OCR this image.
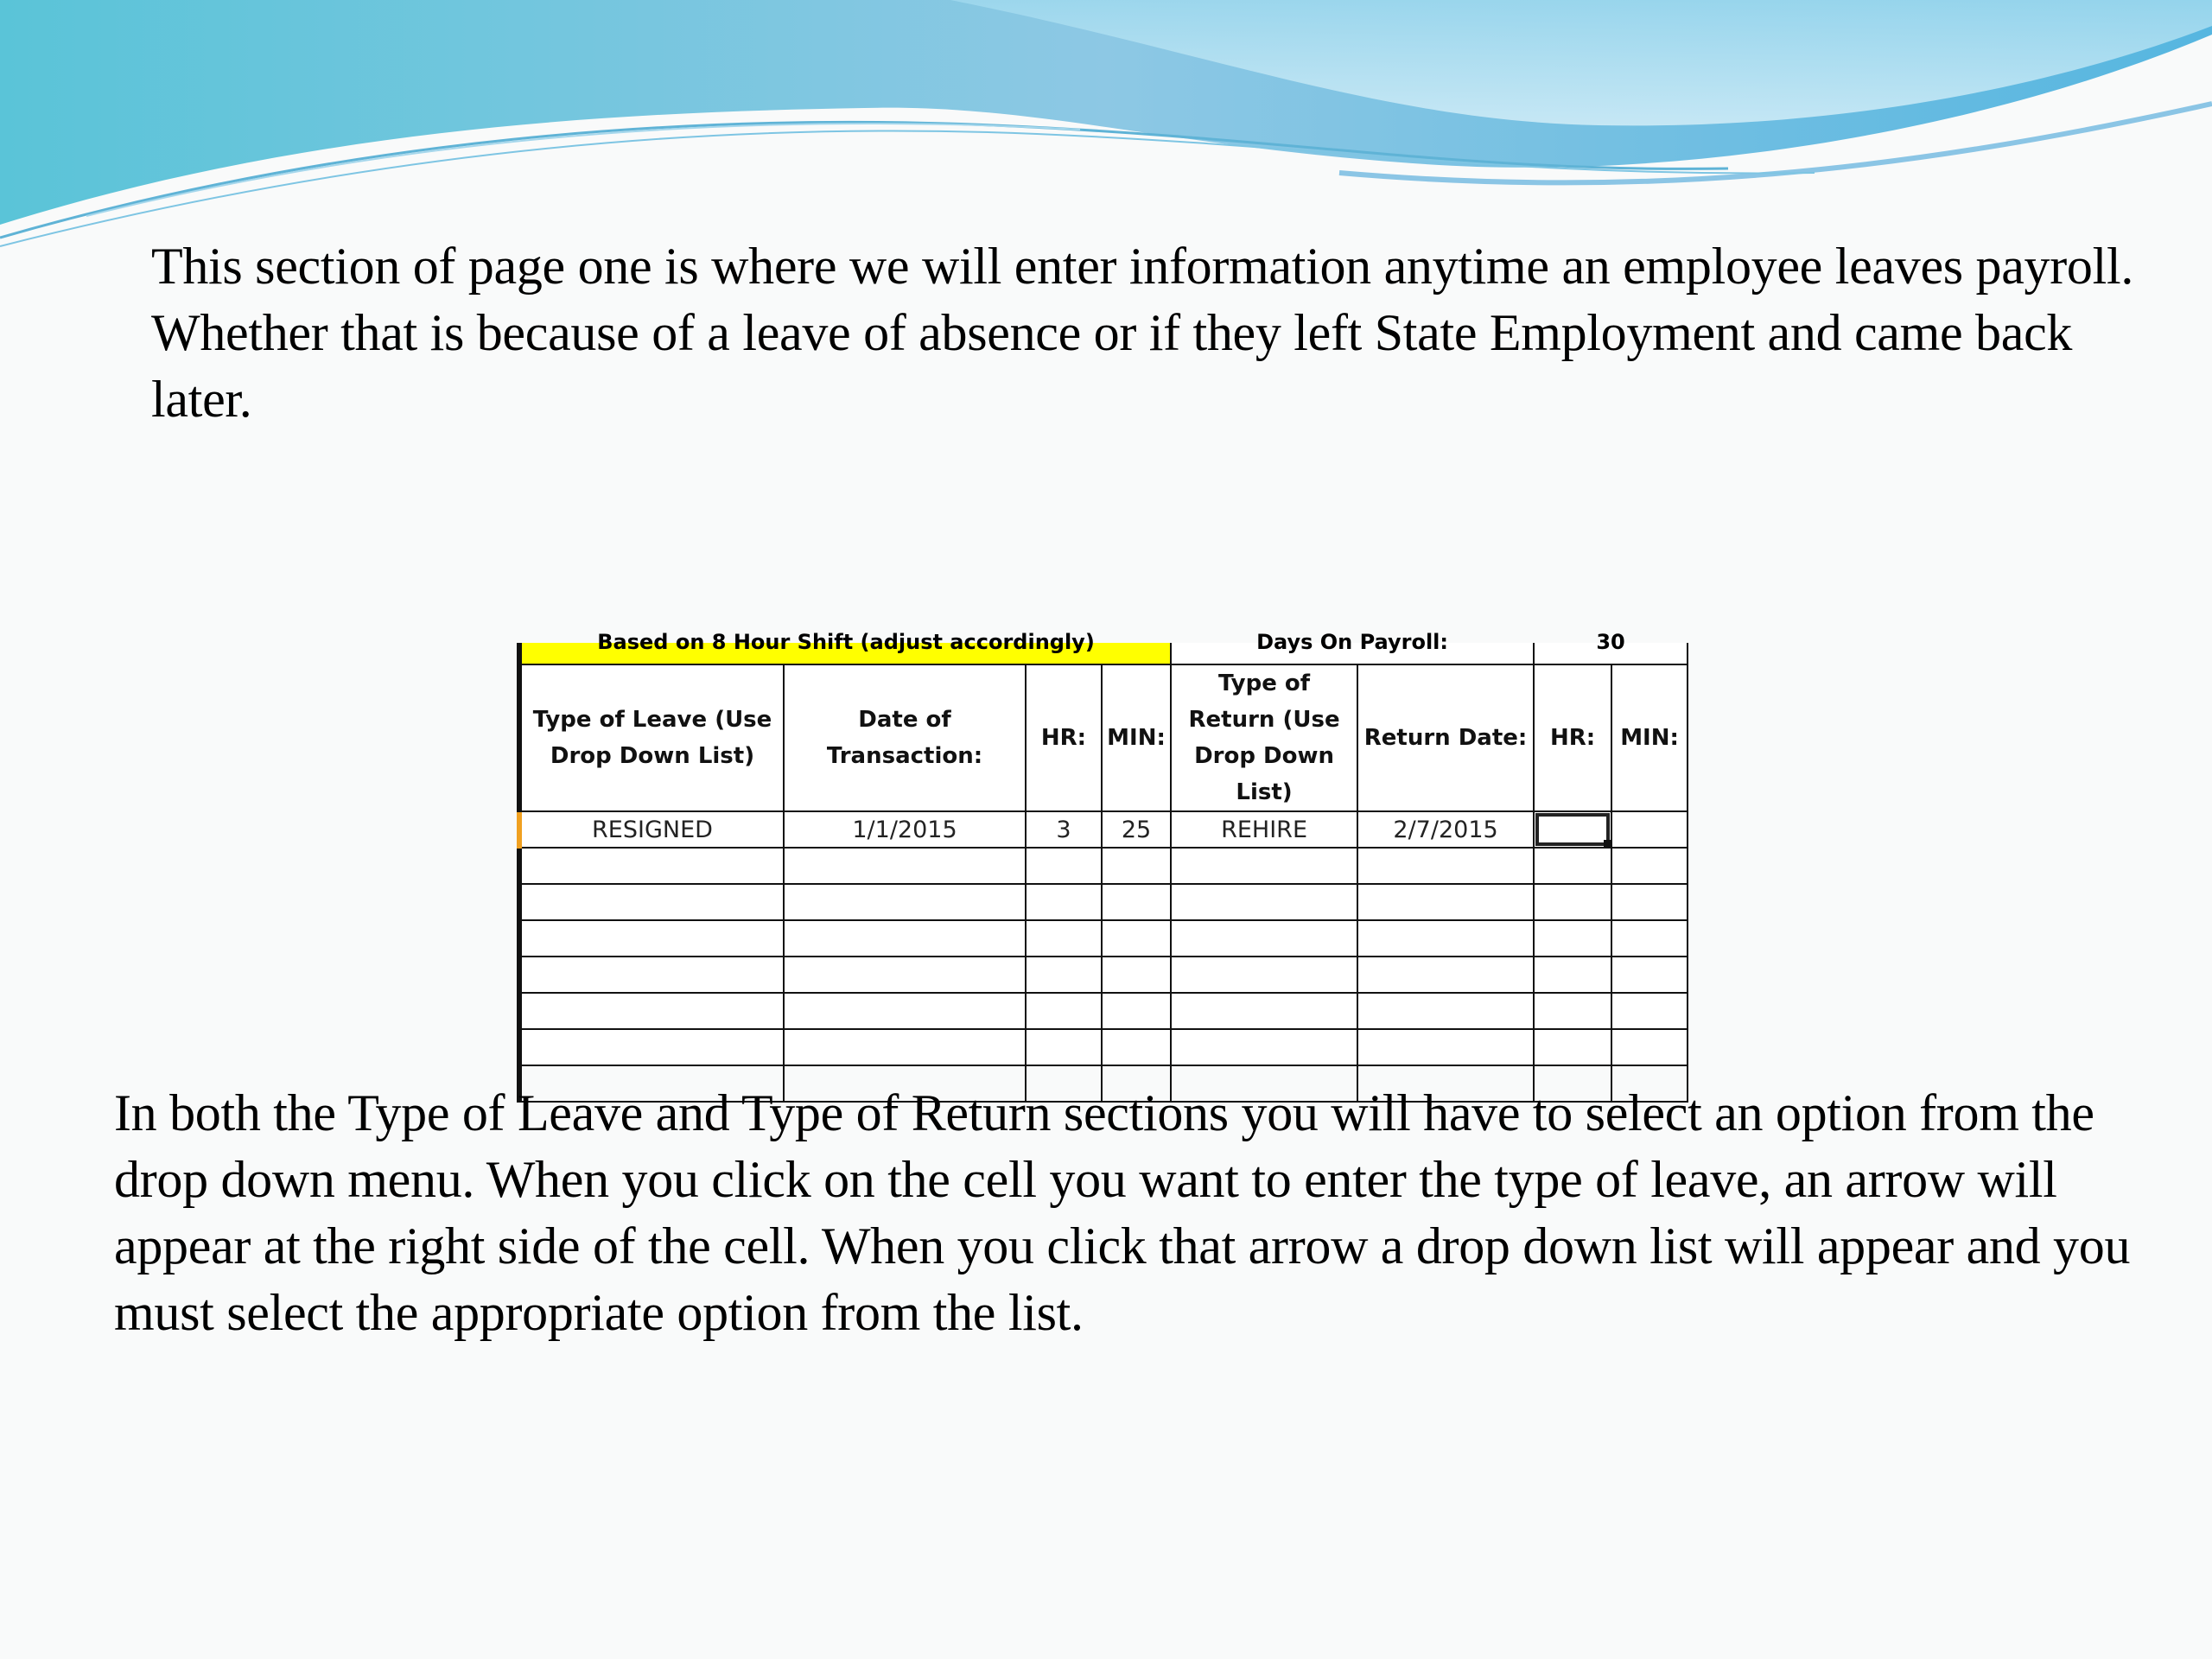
This section of page one is where we will enter information anytime an employee leaves payroll. Whether that is because of a leave of absence or if they left State Employment and came back later.

Based on 8 Hour Shift (adjust accordingly)				Days On Payroll:		30	
Type of Leave (Use Drop Down List)	Date of Transaction:	HR:	MIN:	Type of Return (Use Drop Down List)	Return Date:	HR:	MIN:
RESIGNED	1/1/2015	3	25	REHIRE	2/7/2015	

In both the Type of Leave and Type of Return sections you will have to select an option from the drop down menu. When you click on the cell you want to enter the type of leave, an arrow will appear at the right side of the cell. When you click that arrow a drop down list will appear and you must select the appropriate option from the list.
